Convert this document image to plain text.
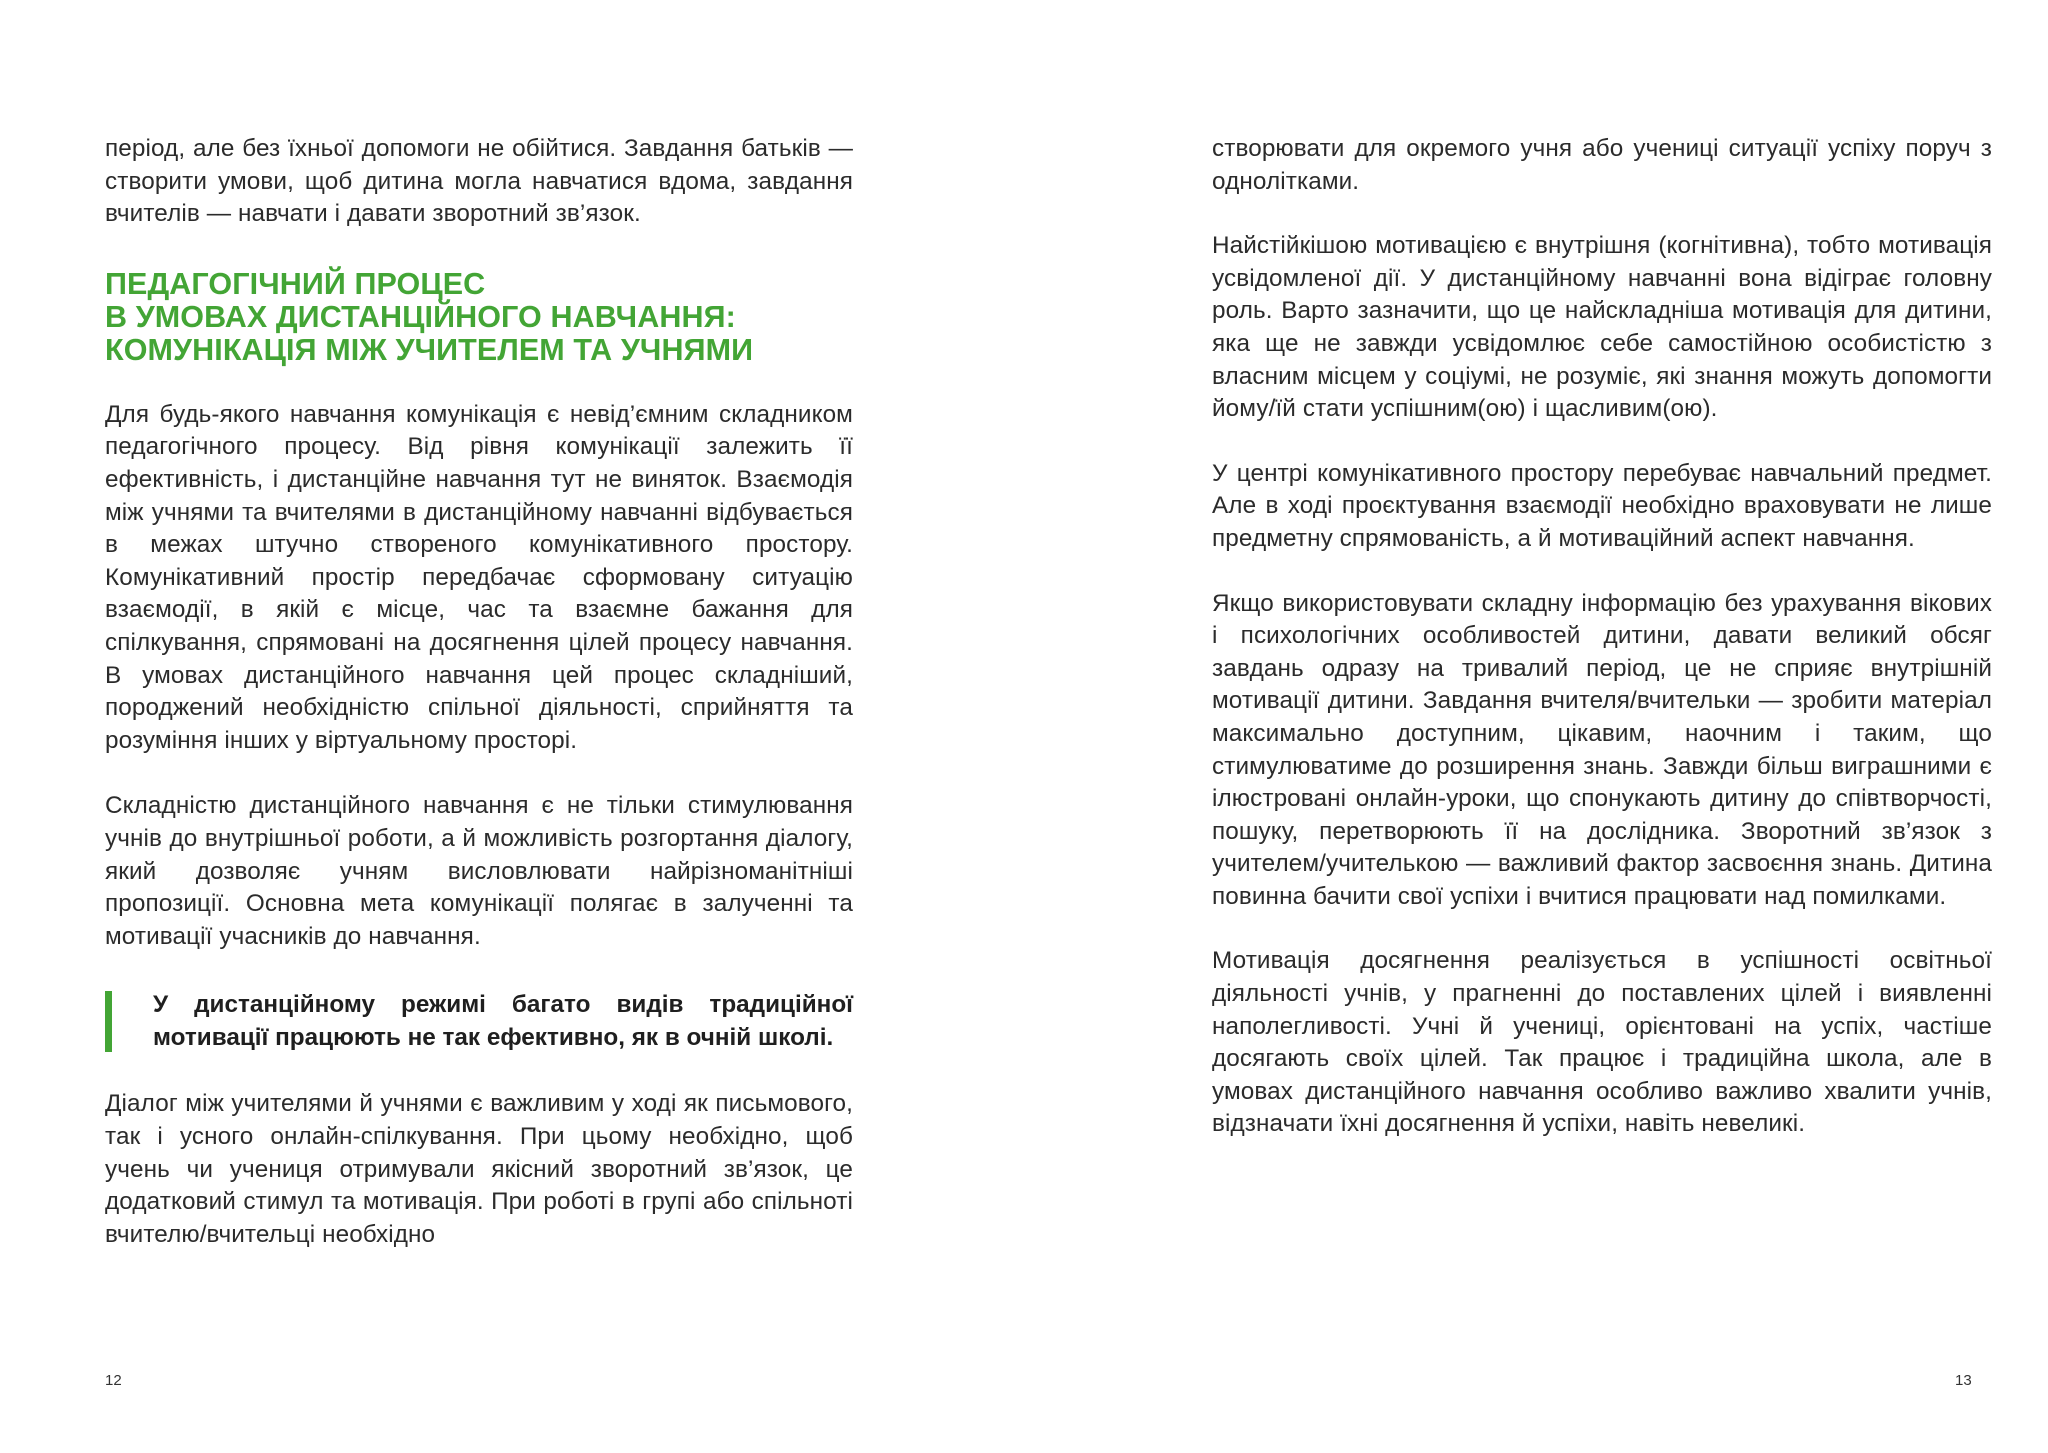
період, але без їхньої допомоги не обійтися. Завдання батьків — створити умови, щоб дитина могла навчатися вдома, завдання вчителів — навчати і давати зворотний зв’язок.

ПЕДАГОГІЧНИЙ ПРОЦЕС
В УМОВАХ ДИСТАНЦІЙНОГО НАВЧАННЯ:
КОМУНІКАЦІЯ МІЖ УЧИТЕЛЕМ ТА УЧНЯМИ

Для будь-якого навчання комунікація є невід’ємним складником педагогічного процесу. Від рівня комунікації залежить її ефективність, і дистанційне навчання тут не виняток. Взаємодія між учнями та вчителями в дистанційному навчанні відбувається в межах штучно створеного комунікативного простору. Комунікативний простір передбачає сформовану ситуацію взаємодії, в якій є місце, час та взаємне бажання для спілкування, спрямовані на досягнення цілей процесу навчання. В умовах дистанційного навчання цей процес складніший, породжений необхідністю спільної діяльності, сприйняття та розуміння інших у віртуальному просторі.

Складністю дистанційного навчання є не тільки стимулювання учнів до внутрішньої роботи, а й можливість розгортання діалогу, який дозволяє учням висловлювати найрізноманітніші пропозиції. Основна мета комунікації полягає в залученні та мотивації учасників до навчання.

У дистанційному режимі багато видів традиційної мотивації працюють не так ефективно, як в очній школі.

Діалог між учителями й учнями є важливим у ході як письмового, так і усного онлайн-спілкування. При цьому необхідно, щоб учень чи учениця отримували якісний зворотний зв’язок, це додатковий стимул та мотивація. При роботі в групі або спільноті вчителю/вчительці необхідно

12

створювати для окремого учня або учениці ситуації успіху поруч з однолітками.

Найстійкішою мотивацією є внутрішня (когнітивна), тобто мотивація усвідомленої дії. У дистанційному навчанні вона відіграє головну роль. Варто зазначити, що це найскладніша мотивація для дитини, яка ще не завжди усвідомлює себе самостійною особистістю з власним місцем у соціумі, не розуміє, які знання можуть допомогти йому/їй стати успішним(ою) і щасливим(ою).

У центрі комунікативного простору перебуває навчальний предмет. Але в ході проєктування взаємодії необхідно враховувати не лише предметну спрямованість, а й мотиваційний аспект навчання.

Якщо використовувати складну інформацію без урахування вікових і психологічних особливостей дитини, давати великий обсяг завдань одразу на тривалий період, це не сприяє внутрішній мотивації дитини. Завдання вчителя/вчительки — зробити матеріал максимально доступним, цікавим, наочним і таким, що стимулюватиме до розширення знань. Завжди більш виграшними є ілюстровані онлайн-уроки, що спонукають дитину до співтворчості, пошуку, перетворюють її на дослідника. Зворотний зв’язок з учителем/учителькою — важливий фактор засвоєння знань. Дитина повинна бачити свої успіхи і вчитися працювати над помилками.

Мотивація досягнення реалізується в успішності освітньої діяльності учнів, у прагненні до поставлених цілей і виявленні наполегливості. Учні й учениці, орієнтовані на успіх, частіше досягають своїх цілей. Так працює і традиційна школа, але в умовах дистанційного навчання особливо важливо хвалити учнів, відзначати їхні досягнення й успіхи, навіть невеликі.

13
